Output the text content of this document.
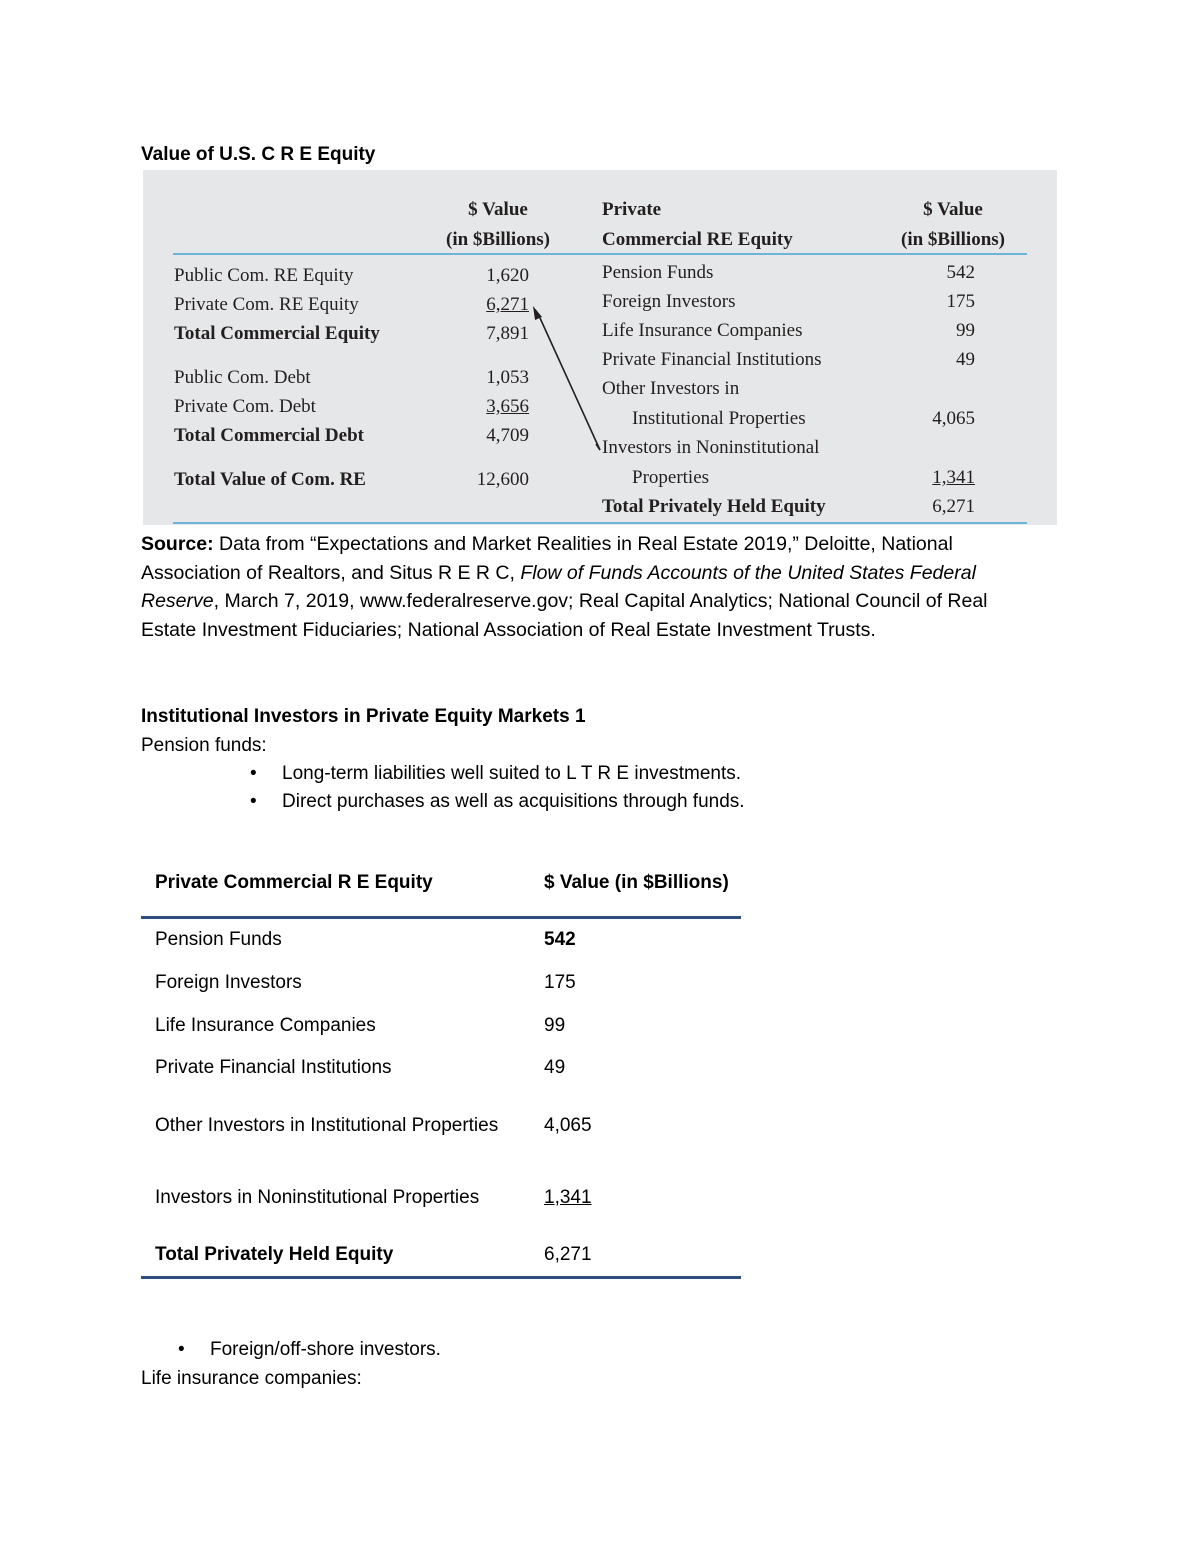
Value of U.S. C R E Equity
$ Value
(in $Billions)
Private
Commercial RE Equity
$ Value
(in $Billions)
Public Com. RE Equity	1,620
Private Com. RE Equity	6,271
Total Commercial Equity	7,891
Public Com. Debt	1,053
Private Com. Debt	3,656
Total Commercial Debt	4,709
Total Value of Com. RE	12,600
Pension Funds	542
Foreign Investors	175
Life Insurance Companies	99
Private Financial Institutions	49
Other Investors in
Institutional Properties	4,065
Investors in Noninstitutional
Properties	1,341
Total Privately Held Equity	6,271
Source: Data from “Expectations and Market Realities in Real Estate 2019,” Deloitte, National Association of Realtors, and Situs R E R C, Flow of Funds Accounts of the United States Federal Reserve, March 7, 2019, www.federalreserve.gov; Real Capital Analytics; National Council of Real Estate Investment Fiduciaries; National Association of Real Estate Investment Trusts.
Institutional Investors in Private Equity Markets 1
Pension funds:
• Long-term liabilities well suited to L T R E investments.
• Direct purchases as well as acquisitions through funds.
Private Commercial R E Equity	$ Value (in $Billions)
Pension Funds	542
Foreign Investors	175
Life Insurance Companies	99
Private Financial Institutions	49
Other Investors in Institutional Properties	4,065
Investors in Noninstitutional Properties	1,341
Total Privately Held Equity	6,271
• Foreign/off-shore investors.
Life insurance companies:
